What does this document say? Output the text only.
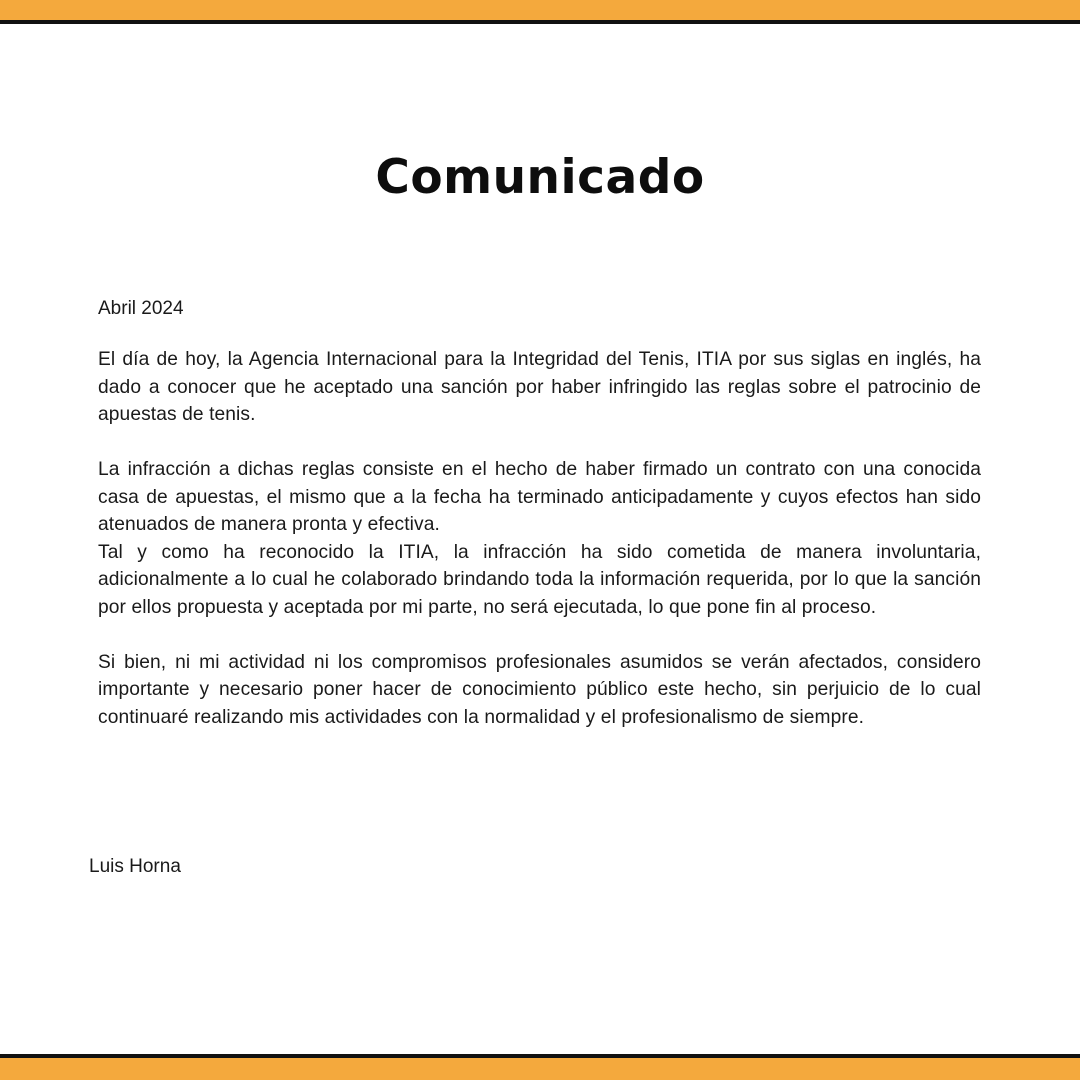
Comunicado

Abril 2024

El día de hoy, la Agencia Internacional para la Integridad del Tenis, ITIA por sus siglas en inglés, ha dado a conocer que he aceptado una sanción por haber infringido las reglas sobre el patrocinio de apuestas de tenis.

La infracción a dichas reglas consiste en el hecho de haber firmado un contrato con una conocida casa de apuestas, el mismo que a la fecha ha terminado anticipadamente y cuyos efectos han sido atenuados de manera pronta y efectiva.

Tal y como ha reconocido la ITIA, la infracción ha sido cometida de manera involuntaria, adicionalmente a lo cual he colaborado brindando toda la información requerida, por lo que la sanción por ellos propuesta y aceptada por mi parte, no será ejecutada, lo que pone fin al proceso.

Si bien, ni mi actividad ni los compromisos profesionales asumidos se verán afectados, considero importante y necesario poner hacer de conocimiento público este hecho, sin perjuicio de lo cual continuaré realizando mis actividades con la normalidad y el profesionalismo de siempre.

Luis Horna
